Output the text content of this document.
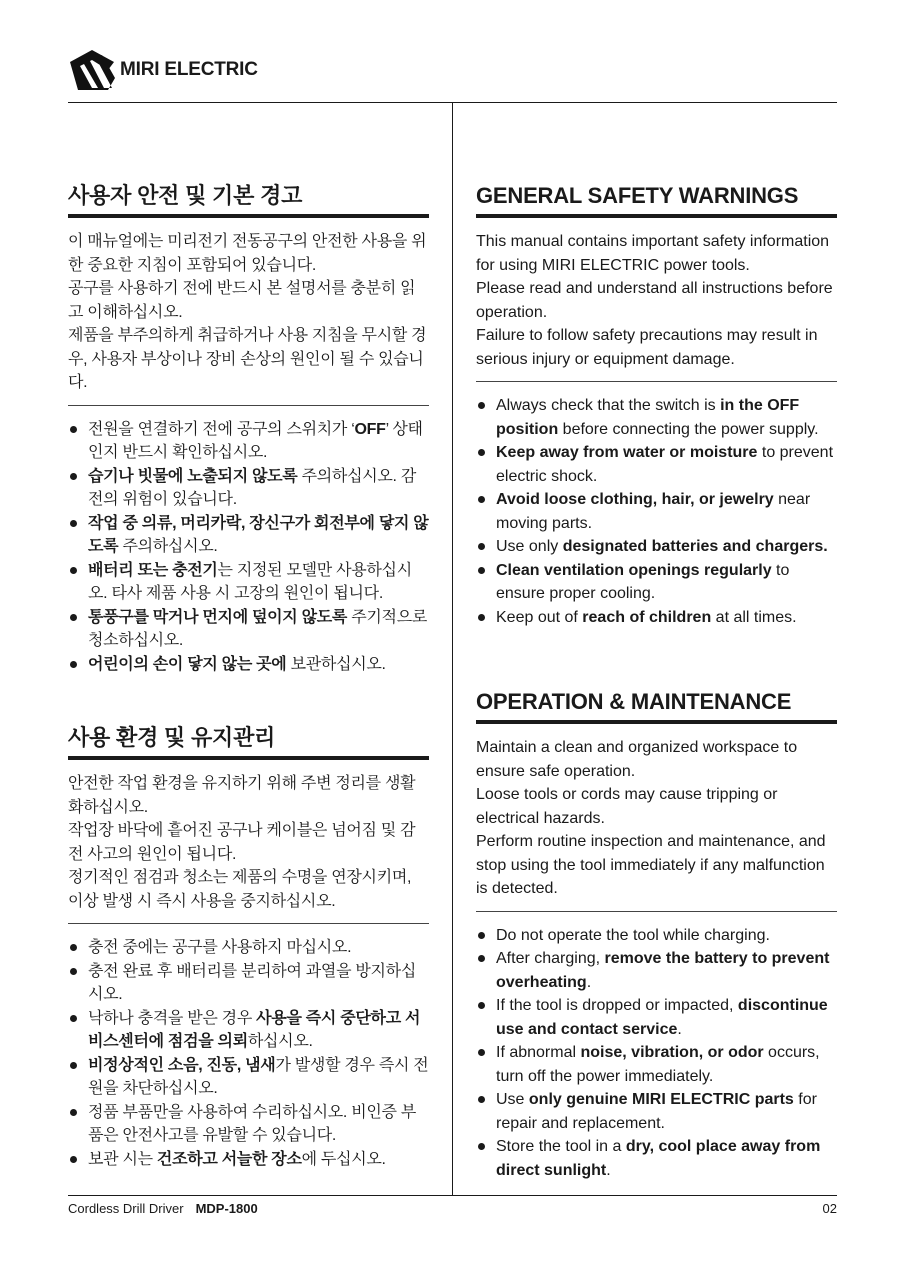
MIRI ELECTRIC
사용자 안전 및 기본 경고

이 매뉴얼에는 미리전기 전동공구의 안전한 사용을 위한 중요한 지침이 포함되어 있습니다.

공구를 사용하기 전에 반드시 본 설명서를 충분히 읽고 이해하십시오.

제품을 부주의하게 취급하거나 사용 지침을 무시할 경우, 사용자 부상이나 장비 손상의 원인이 될 수 있습니다.

전원을 연결하기 전에 공구의 스위치가 ‘OFF’ 상태인지 반드시 확인하십시오.
습기나 빗물에 노출되지 않도록 주의하십시오. 감전의 위험이 있습니다.
작업 중 의류, 머리카락, 장신구가 회전부에 닿지 않도록 주의하십시오.
배터리 또는 충전기는 지정된 모델만 사용하십시오. 타사 제품 사용 시 고장의 원인이 됩니다.
통풍구를 막거나 먼지에 덮이지 않도록 주기적으로 청소하십시오.
어린이의 손이 닿지 않는 곳에 보관하십시오.
사용 환경 및 유지관리

안전한 작업 환경을 유지하기 위해 주변 정리를 생활화하십시오.

작업장 바닥에 흩어진 공구나 케이블은 넘어짐 및 감전 사고의 원인이 됩니다.

정기적인 점검과 청소는 제품의 수명을 연장시키며, 이상 발생 시 즉시 사용을 중지하십시오.

충전 중에는 공구를 사용하지 마십시오.
충전 완료 후 배터리를 분리하여 과열을 방지하십시오.
낙하나 충격을 받은 경우 사용을 즉시 중단하고 서비스센터에 점검을 의뢰하십시오.
비정상적인 소음, 진동, 냄새가 발생할 경우 즉시 전원을 차단하십시오.
정품 부품만을 사용하여 수리하십시오. 비인증 부품은 안전사고를 유발할 수 있습니다.
보관 시는 건조하고 서늘한 장소에 두십시오.
GENERAL SAFETY WARNINGS

This manual contains important safety information for using MIRI ELECTRIC power tools.

Please read and understand all instructions before operation.

Failure to follow safety precautions may result in serious injury or equipment damage.

Always check that the switch is in the OFF position before connecting the power supply.
Keep away from water or moisture to prevent electric shock.
Avoid loose clothing, hair, or jewelry near moving parts.
Use only designated batteries and chargers.
Clean ventilation openings regularly to ensure proper cooling.
Keep out of reach of children at all times.
OPERATION & MAINTENANCE

Maintain a clean and organized workspace to ensure safe operation.

Loose tools or cords may cause tripping or electrical hazards.

Perform routine inspection and maintenance, and stop using the tool immediately if any malfunction is detected.

Do not operate the tool while charging.
After charging, remove the battery to prevent overheating.
If the tool is dropped or impacted, discontinue use and contact service.
If abnormal noise, vibration, or odor occurs, turn off the power immediately.
Use only genuine MIRI ELECTRIC parts for repair and replacement.
Store the tool in a dry, cool place away from direct sunlight.
Cordless Drill Driver MDP-1800	02
